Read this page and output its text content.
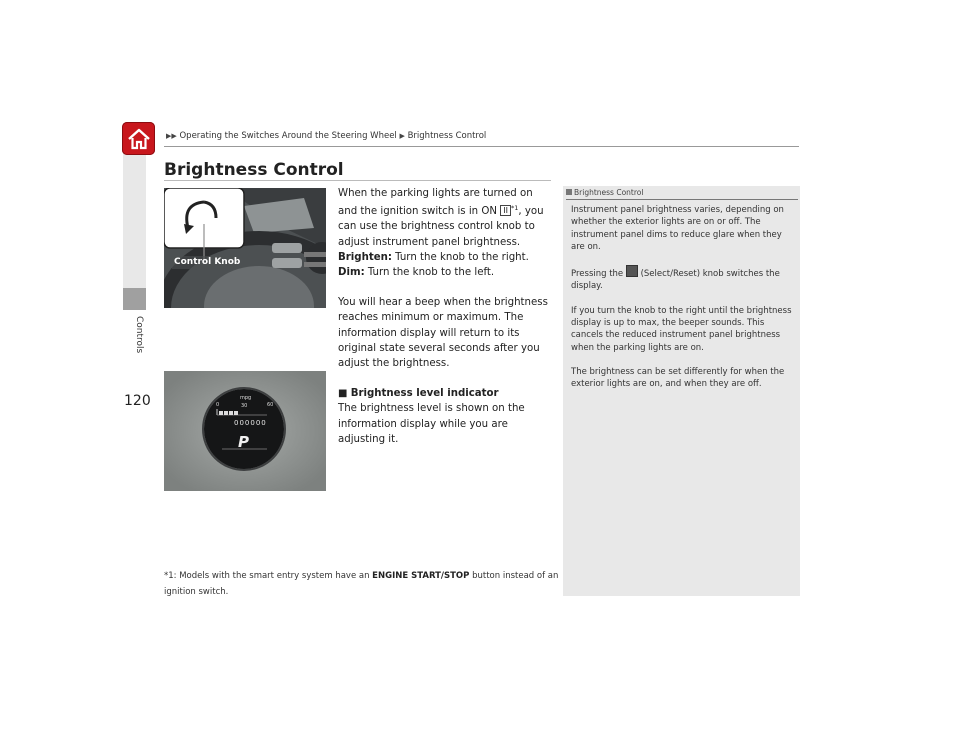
Controls
120
▶▶ Operating the Switches Around the Steering Wheel ▶ Brightness Control
Brightness Control
Control Knob
mpg
0	30	60
000000
P

When the parking lights are turned on and the ignition switch is in ON II $^{*1}$, you can use the brightness control knob to adjust instrument panel brightness.

Brighten: Turn the knob to the right.

Dim: Turn the knob to the left.

You will hear a beep when the brightness reaches minimum or maximum. The information display will return to its original state several seconds after you adjust the brightness.

■ Brightness level indicator

The brightness level is shown on the information display while you are adjusting it.

*1: Models with the smart entry system have an ENGINE START/STOP button instead of an ignition switch.
Brightness Control

Instrument panel brightness varies, depending on whether the exterior lights are on or off. The instrument panel dims to reduce glare when they are on.

Pressing the  (Select/Reset) knob switches the display.

If you turn the knob to the right until the brightness display is up to max, the beeper sounds. This cancels the reduced instrument panel brightness when the parking lights are on.

The brightness can be set differently for when the exterior lights are on, and when they are off.
